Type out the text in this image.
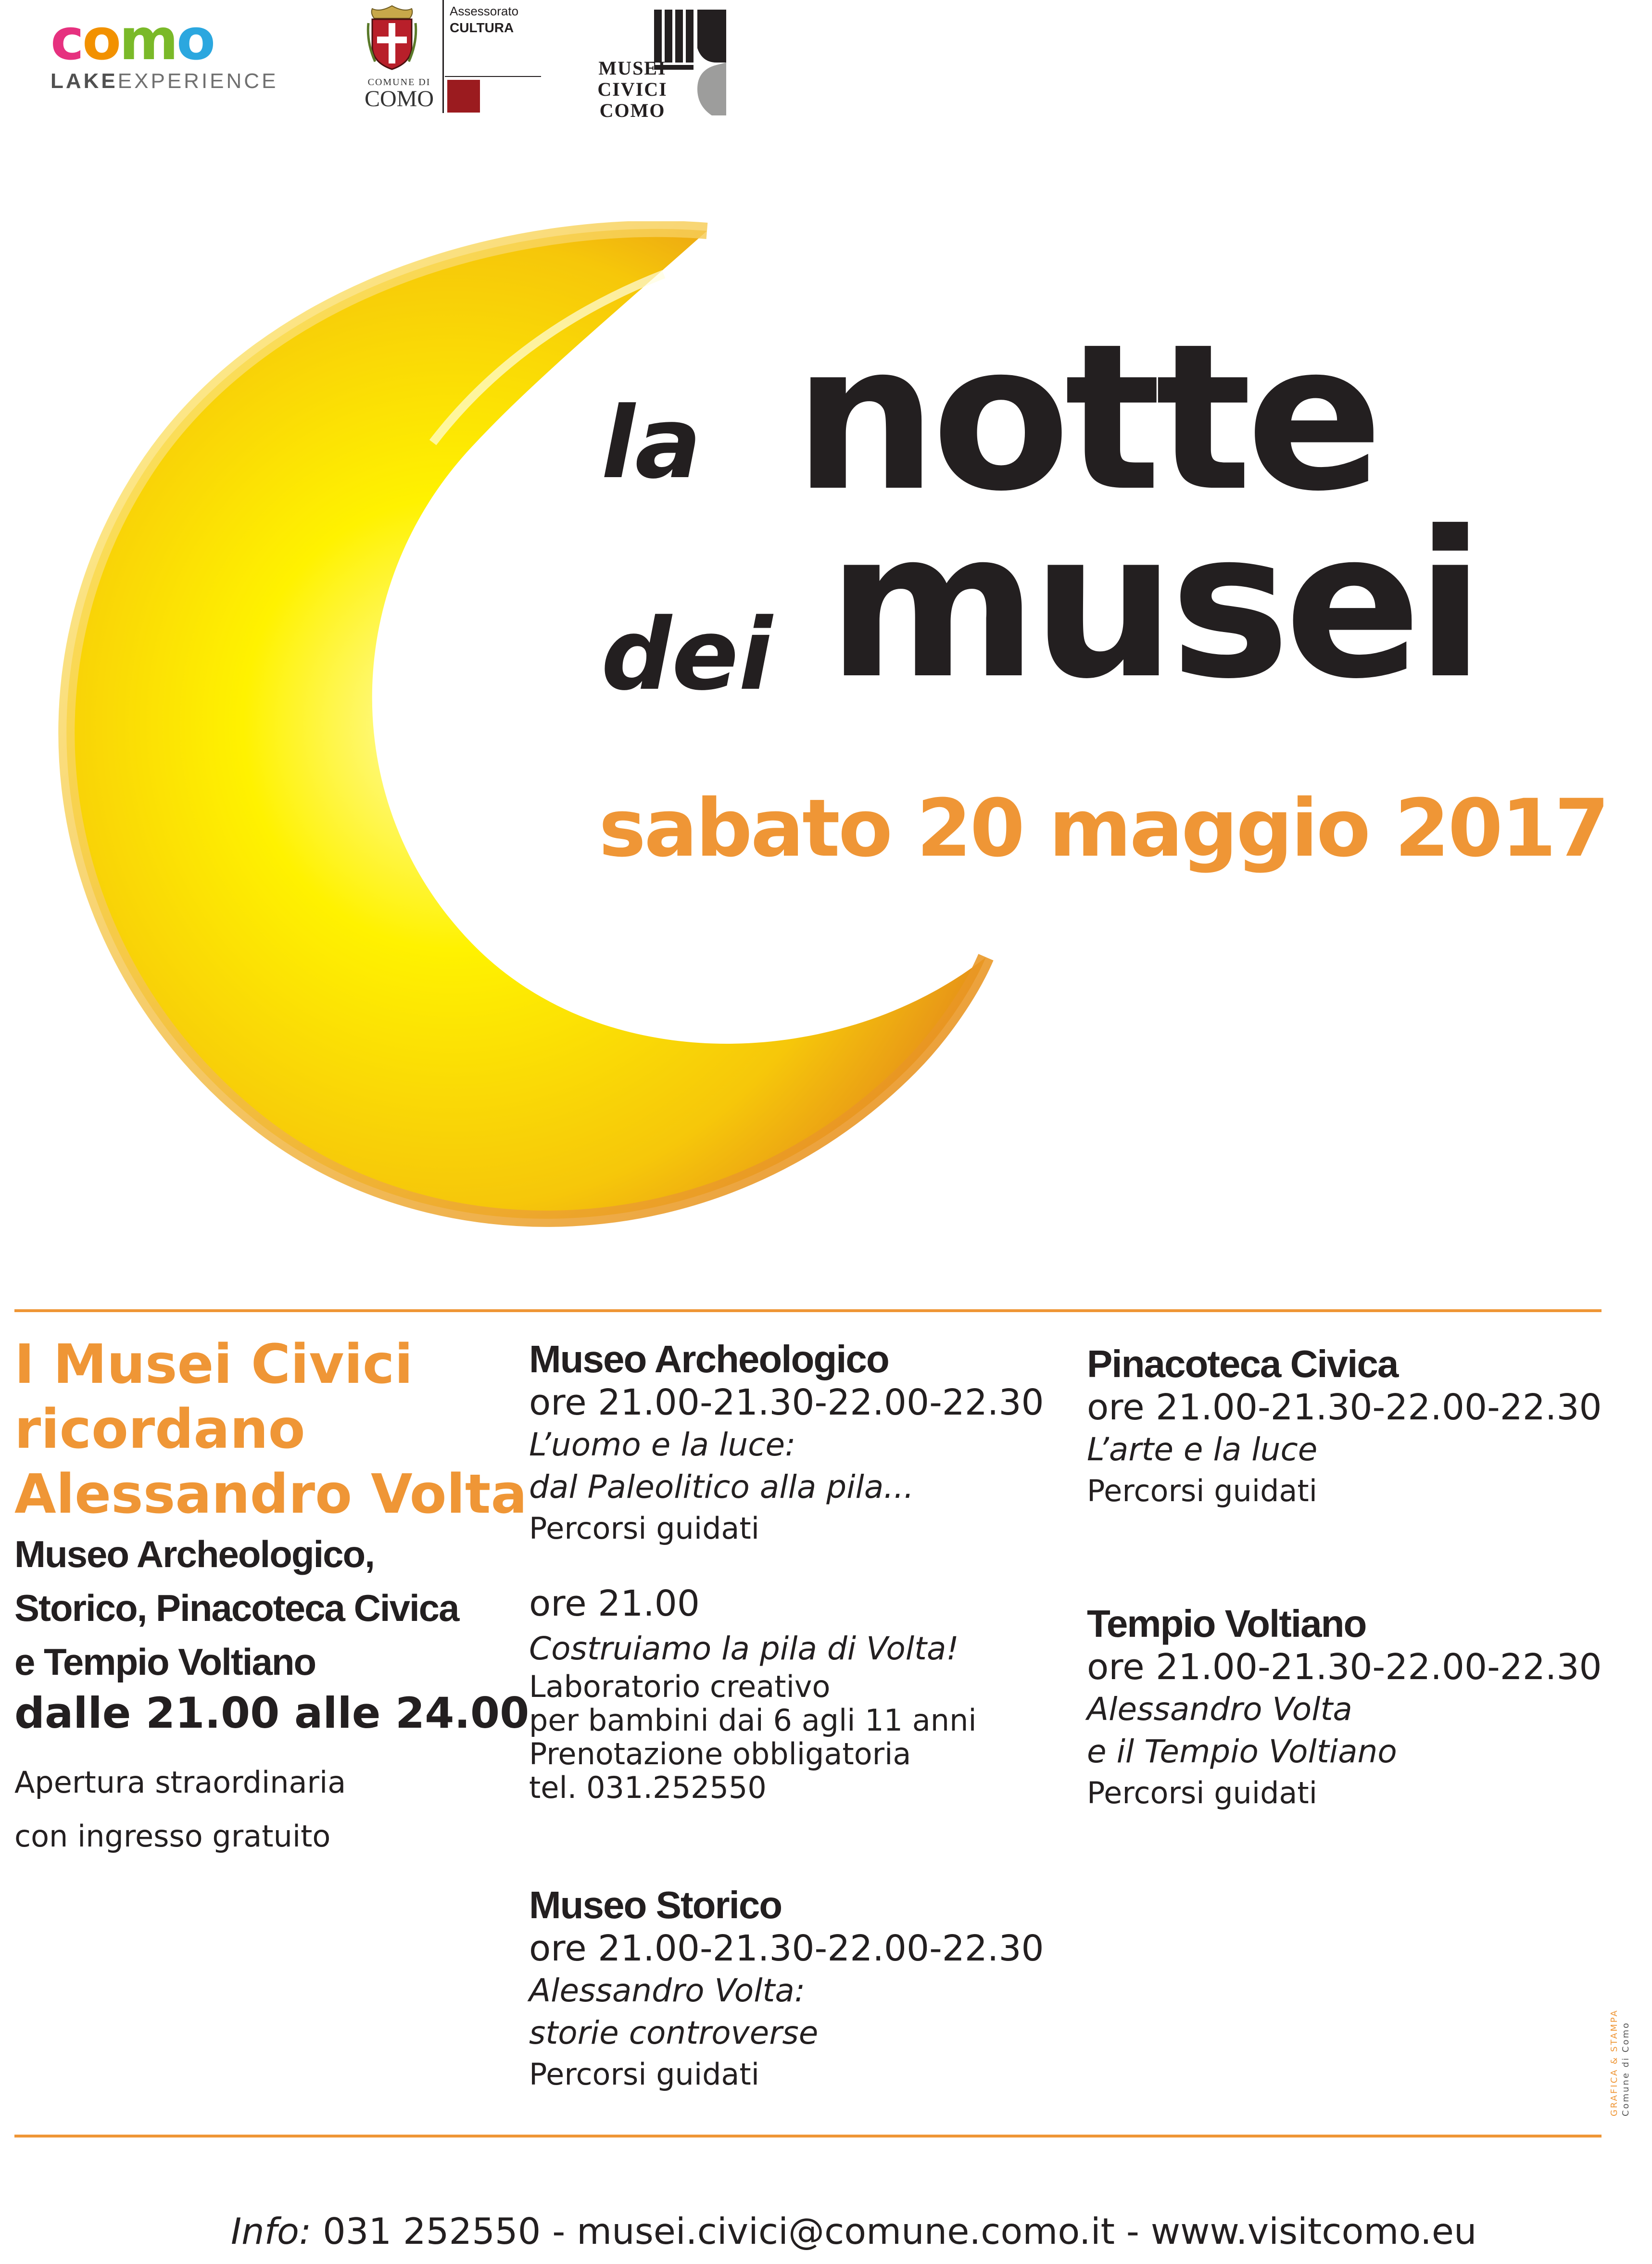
como
LAKEEXPERIENCE	COMUNE DI
COMO
Assessorato
CULTURA
MUSEI
CIVICI
COMO
la notte
dei musei
sabato 20 maggio 2017
I Musei Civici
ricordano
Alessandro Volta
Museo Archeologico,
Storico, Pinacoteca Civica
e Tempio Voltiano
dalle 21.00 alle 24.00
Apertura straordinaria
con ingresso gratuito
Museo Archeologico
ore 21.00-21.30-22.00-22.30
L’uomo e la luce:
dal Paleolitico alla pila...
Percorsi guidati
ore 21.00
Costruiamo la pila di Volta!
Laboratorio creativo
per bambini dai 6 agli 11 anni
Prenotazione obbligatoria
tel. 031.252550
Museo Storico
ore 21.00-21.30-22.00-22.30
Alessandro Volta:
storie controverse
Percorsi guidati
Pinacoteca Civica
ore 21.00-21.30-22.00-22.30
L’arte e la luce
Percorsi guidati
Tempio Voltiano
ore 21.00-21.30-22.00-22.30
Alessandro Volta
e il Tempio Voltiano
Percorsi guidati
GRAFICA & STAMPA Comune di Como
Info: 031 252550 - musei.civici@comune.como.it - www.visitcomo.eu
